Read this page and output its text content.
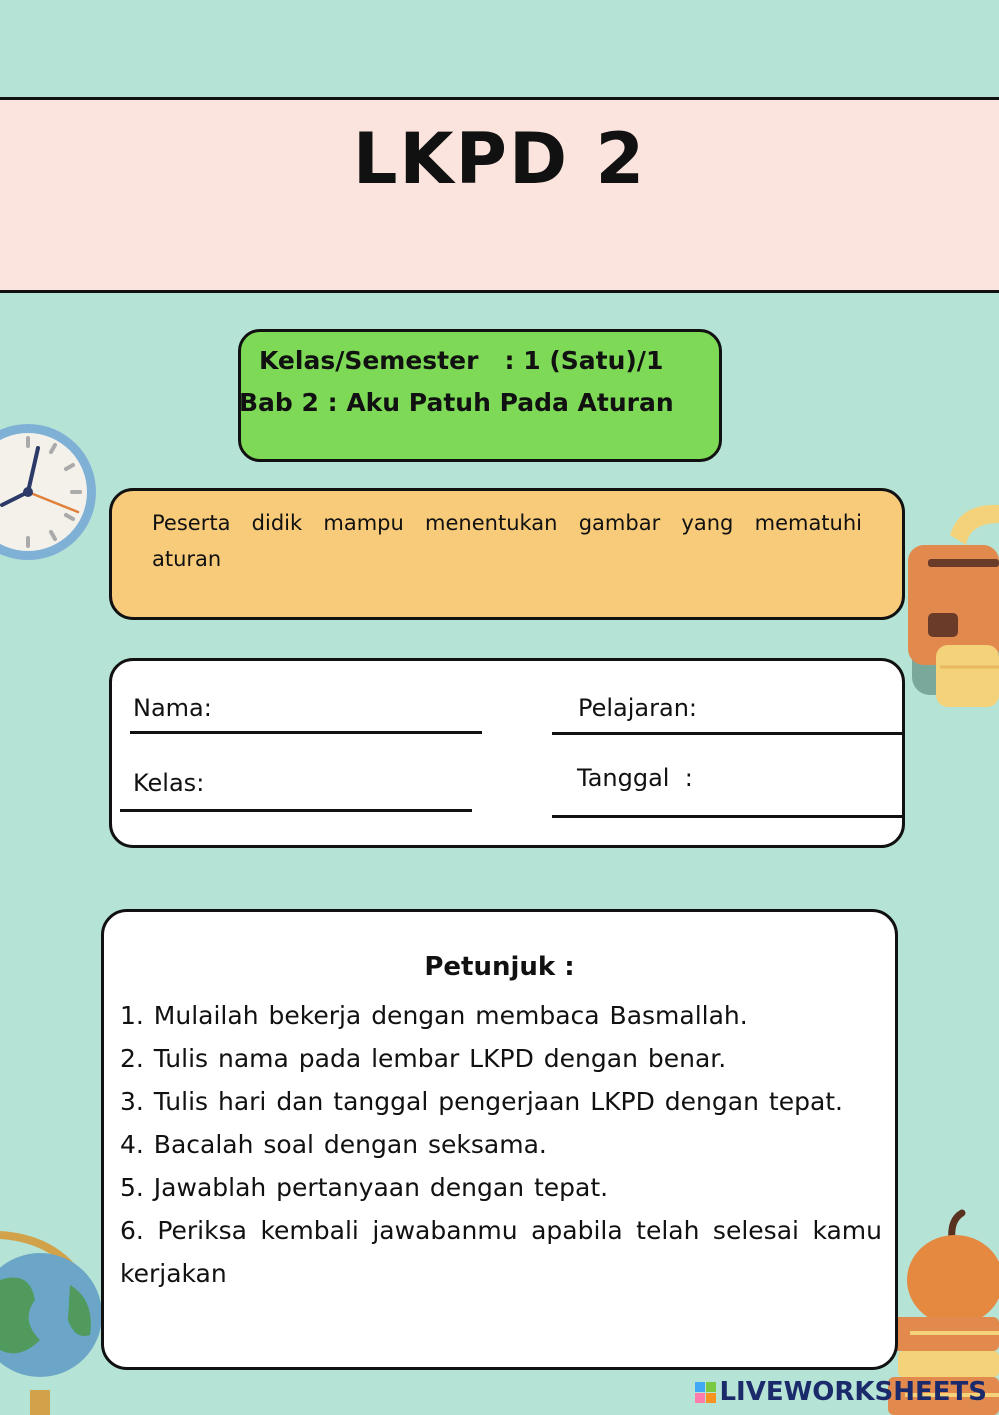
LKPD 2
Kelas/Semester   : 1 (Satu)/1
Bab 2 : Aku Patuh Pada Aturan

Peserta didik mampu menentukan gambar yang mematuhi aturan

Nama:	Pelajaran:
Kelas:	Tanggal  :
Petunjuk :
1. Mulailah bekerja dengan membaca Basmallah.
2. Tulis nama pada lembar LKPD dengan benar.
3. Tulis hari dan tanggal pengerjaan LKPD dengan tepat.
4. Bacalah soal dengan seksama.
5. Jawablah pertanyaan dengan tepat.
6. Periksa kembali jawabanmu apabila telah selesai kamu kerjakan
LIVEWORKSHEETS
